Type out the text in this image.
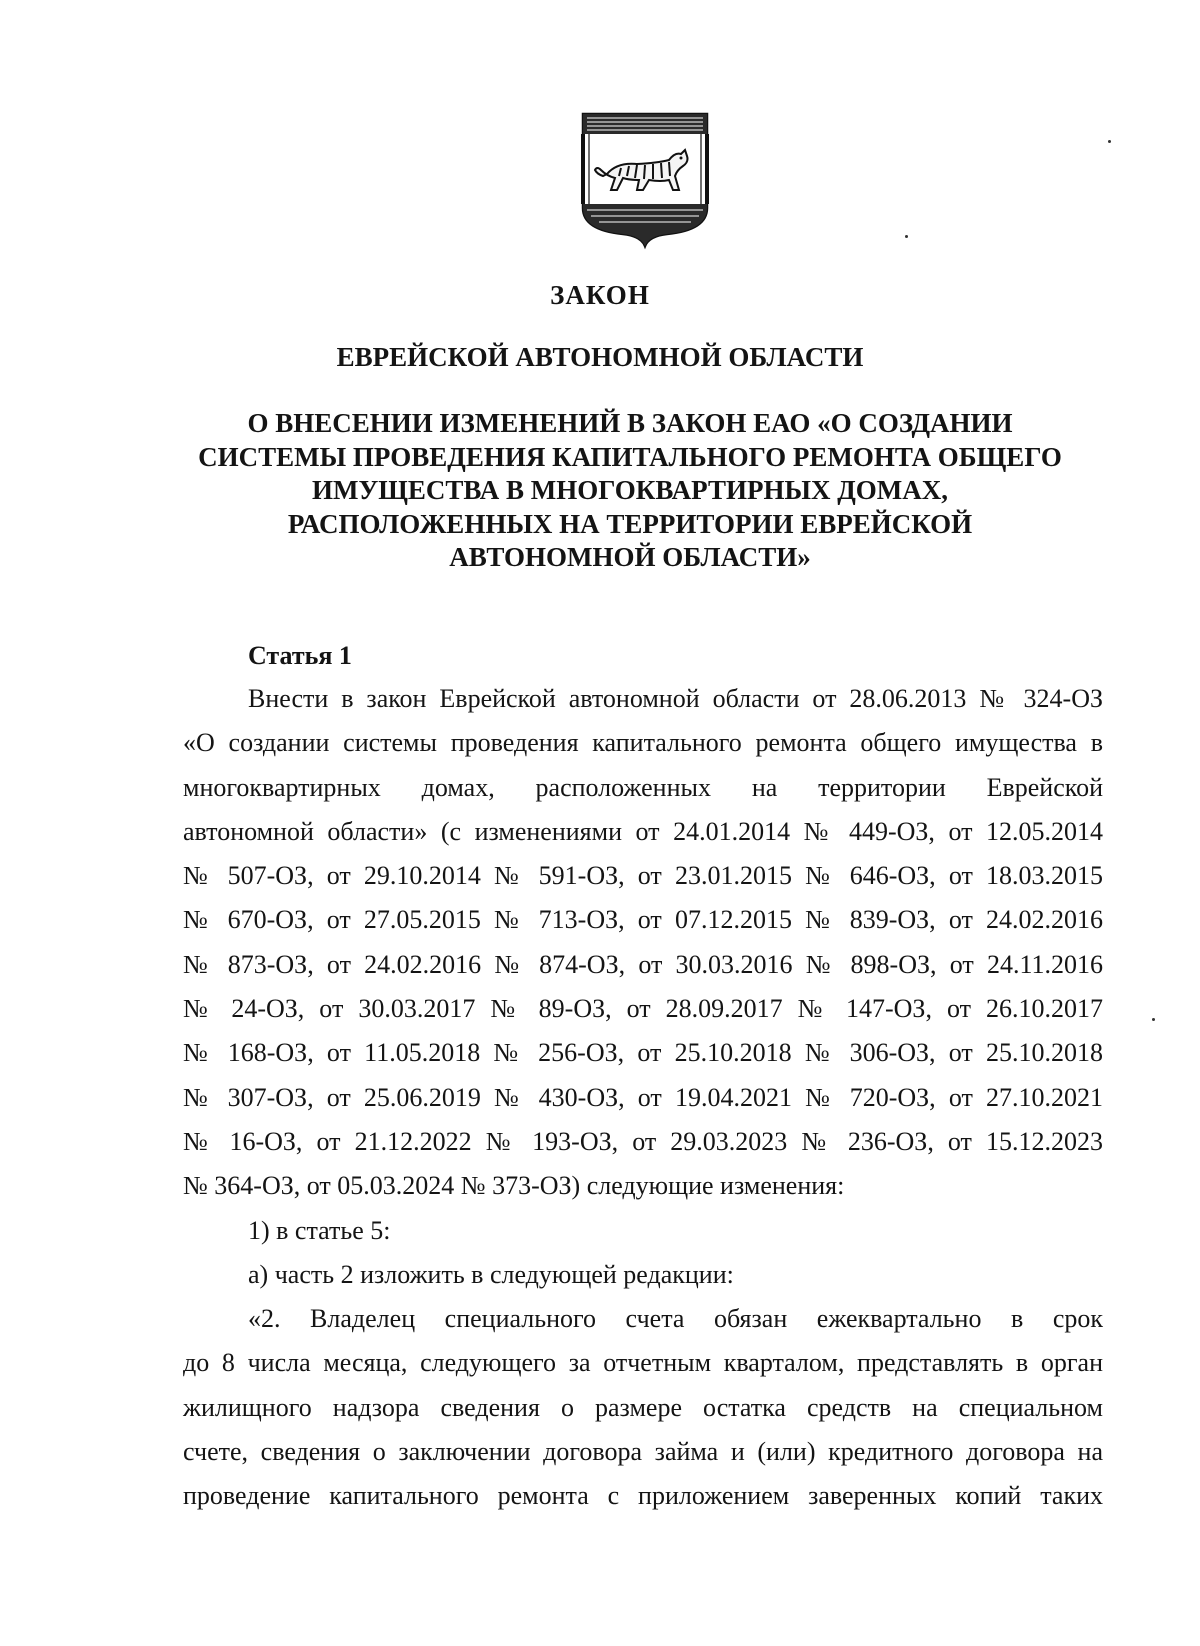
ЗАКОН
ЕВРЕЙСКОЙ АВТОНОМНОЙ ОБЛАСТИ
О ВНЕСЕНИИ ИЗМЕНЕНИЙ В ЗАКОН ЕАО «О СОЗДАНИИ
СИСТЕМЫ ПРОВЕДЕНИЯ КАПИТАЛЬНОГО РЕМОНТА ОБЩЕГО
ИМУЩЕСТВА В МНОГОКВАРТИРНЫХ ДОМАХ,
РАСПОЛОЖЕННЫХ НА ТЕРРИТОРИИ ЕВРЕЙСКОЙ
АВТОНОМНОЙ ОБЛАСТИ»
Статья 1
Внести в закон Еврейской автономной области от 28.06.2013 № 324-ОЗ
«О создании системы проведения капитального ремонта общего имущества в
многоквартирных домах, расположенных на территории Еврейской
автономной области» (с изменениями от 24.01.2014 № 449-ОЗ, от 12.05.2014
№ 507-ОЗ, от 29.10.2014 № 591-ОЗ, от 23.01.2015 № 646-ОЗ, от 18.03.2015
№ 670-ОЗ, от 27.05.2015 № 713-ОЗ, от 07.12.2015 № 839-ОЗ, от 24.02.2016
№ 873-ОЗ, от 24.02.2016 № 874-ОЗ, от 30.03.2016 № 898-ОЗ, от 24.11.2016
№ 24-ОЗ, от 30.03.2017 № 89-ОЗ, от 28.09.2017 № 147-ОЗ, от 26.10.2017
№ 168-ОЗ, от 11.05.2018 № 256-ОЗ, от 25.10.2018 № 306-ОЗ, от 25.10.2018
№ 307-ОЗ, от 25.06.2019 № 430-ОЗ, от 19.04.2021 № 720-ОЗ, от 27.10.2021
№ 16-ОЗ, от 21.12.2022 № 193-ОЗ, от 29.03.2023 № 236-ОЗ, от 15.12.2023
№ 364-ОЗ, от 05.03.2024 № 373-ОЗ) следующие изменения:
1) в статье 5:
а) часть 2 изложить в следующей редакции:
«2. Владелец специального счета обязан ежеквартально в срок
до 8 числа месяца, следующего за отчетным кварталом, представлять в орган
жилищного надзора сведения о размере остатка средств на специальном
счете, сведения о заключении договора займа и (или) кредитного договора на
проведение капитального ремонта с приложением заверенных копий таких
